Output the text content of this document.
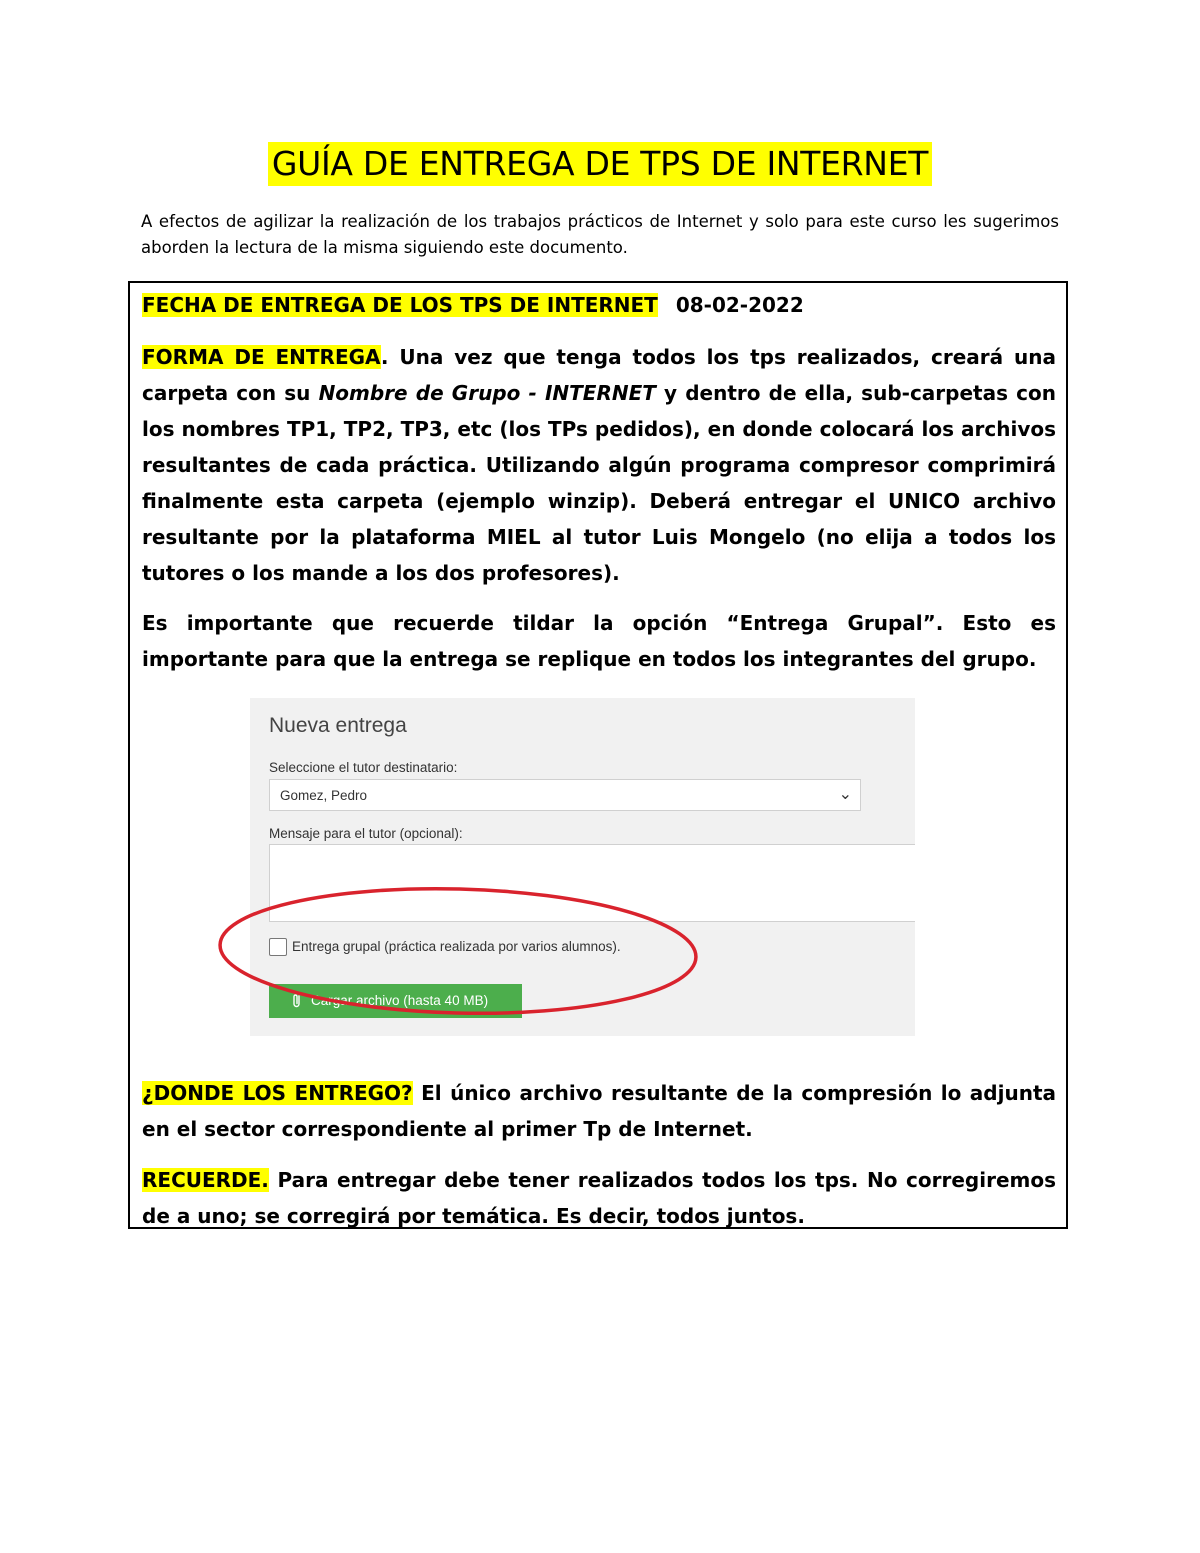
GUÍA DE ENTREGA DE TPS DE INTERNET

A efectos de agilizar la realización de los trabajos prácticos de Internet y solo para este curso les sugerimos aborden la lectura de la misma siguiendo este documento.

FECHA DE ENTREGA DE LOS TPS DE INTERNET 08-02-2022

FORMA DE ENTREGA. Una vez que tenga todos los tps realizados, creará una carpeta con su Nombre de Grupo - INTERNET y dentro de ella, sub-carpetas con los nombres TP1, TP2, TP3, etc (los TPs pedidos), en donde colocará los archivos resultantes de cada práctica. Utilizando algún programa compresor comprimirá finalmente esta carpeta (ejemplo winzip). Deberá entregar el UNICO archivo resultante por la plataforma MIEL al tutor Luis Mongelo (no elija a todos los tutores o los mande a los dos profesores).

Es importante que recuerde tildar la opción “Entrega Grupal”. Esto es importante para que la entrega se replique en todos los integrantes del grupo.

Nueva entrega
Seleccione el tutor destinatario:
Gomez, Pedro	⌄
Mensaje para el tutor (opcional):
Entrega grupal (práctica realizada por varios alumnos).
Cargar archivo (hasta 40 MB)

¿DONDE LOS ENTREGO? El único archivo resultante de la compresión lo adjunta en el sector correspondiente al primer Tp de Internet.

RECUERDE. Para entregar debe tener realizados todos los tps. No corregiremos de a uno; se corregirá por temática. Es decir, todos juntos.
